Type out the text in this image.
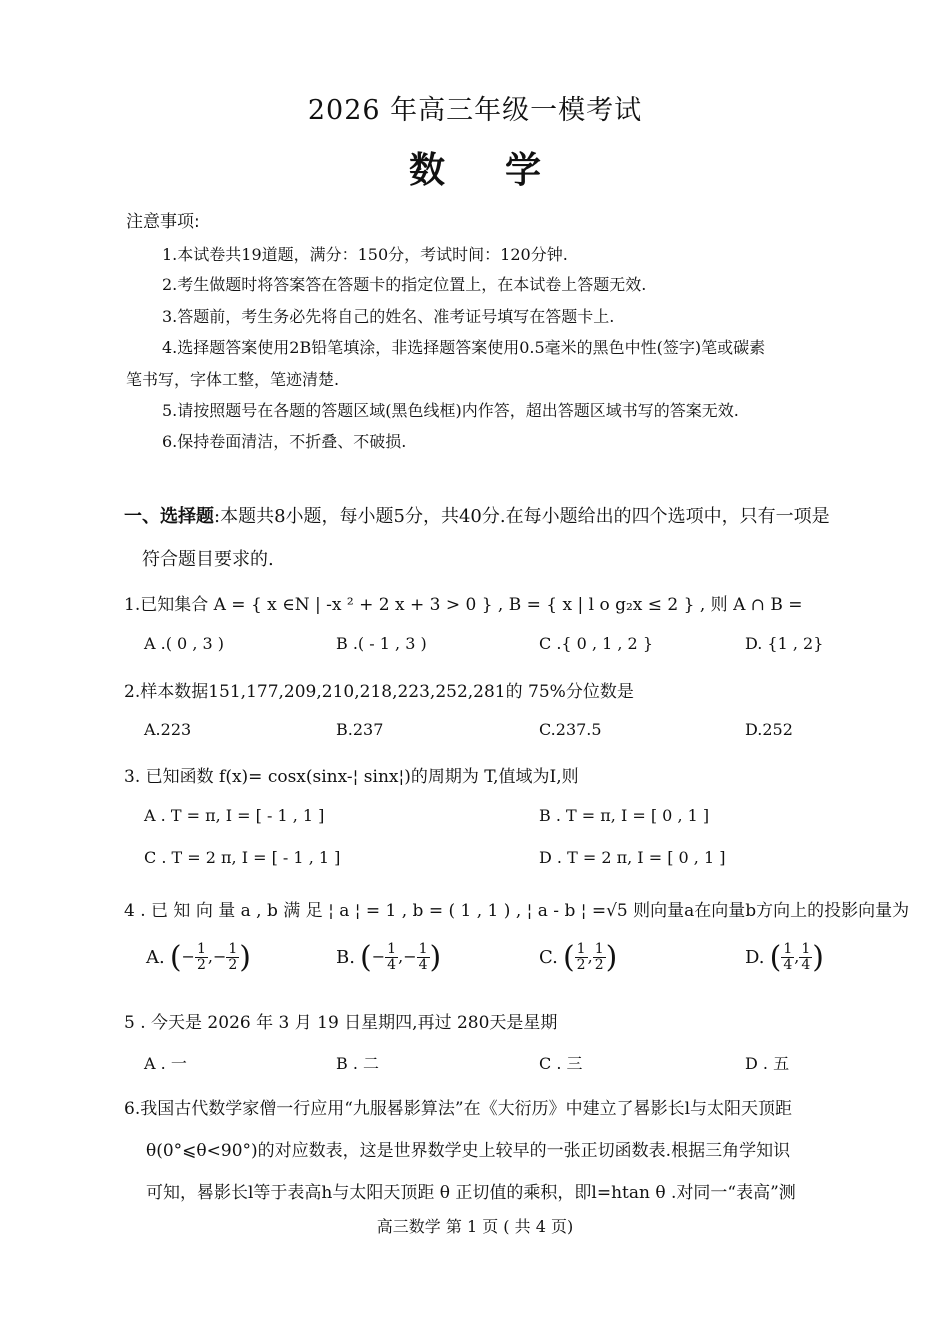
2026 年高三年级一模考试
数学
注意事项:
1.本试卷共19道题，满分：150分，考试时间：120分钟.
2.考生做题时将答案答在答题卡的指定位置上，在本试卷上答题无效.
3.答题前，考生务必先将自己的姓名、准考证号填写在答题卡上.
4.选择题答案使用2B铅笔填涂，非选择题答案使用0.5毫米的黑色中性(签字)笔或碳素
笔书写，字体工整，笔迹清楚.
5.请按照题号在各题的答题区域(黑色线框)内作答，超出答题区域书写的答案无效.
6.保持卷面清洁，不折叠、不破损.
一、选择题:本题共8小题，每小题5分，共40分.在每小题给出的四个选项中，只有一项是
符合题目要求的.
1.已知集合 A = { x ∈N | -x ² + 2 x + 3 > 0 } , B = { x | l o g₂x ≤ 2 } , 则 A ∩ B =
A .( 0 , 3 )	B .( - 1 , 3 )	C .{ 0 , 1 , 2 }	D. {1 , 2}
2.样本数据151,177,209,210,218,223,252,281的 75%分位数是
A.223	B.237	C.237.5	D.252
3. 已知函数 f(x)= cosx(sinx-¦ sinx¦)的周期为 T,值域为I,则
A . T = π, I = [ - 1 , 1 ]	B . T = π, I = [ 0 , 1 ]
C . T = 2 π, I = [ - 1 , 1 ]	D . T = 2 π, I = [ 0 , 1 ]
4 . 已 知 向 量 a , b 满 足 ¦ a ¦ = 1 , b = ( 1 , 1 ) , ¦ a - b ¦ =√5 则向量a在向量b方向上的投影向量为
A. (− $\frac{1}{2}$ ,− $\frac{1}{2}$ )	B. (− $\frac{1}{4}$ ,− $\frac{1}{4}$ )	C. ( $\frac{1}{2}$ , $\frac{1}{2}$ )	D. ( $\frac{1}{4}$ , $\frac{1}{4}$ )
5 . 今天是 2026 年 3 月 19 日星期四,再过 280天是星期
A . 一	B . 二	C . 三	D . 五
6.我国古代数学家僧一行应用“九服晷影算法”在《大衍历》中建立了晷影长l与太阳天顶距
θ(0°⩽θ<90°)的对应数表，这是世界数学史上较早的一张正切函数表.根据三角学知识
可知，晷影长l等于表高h与太阳天顶距 θ 正切值的乘积，即l=htan θ .对同一“表高”测
高三数学 第 1 页 ( 共 4 页)
